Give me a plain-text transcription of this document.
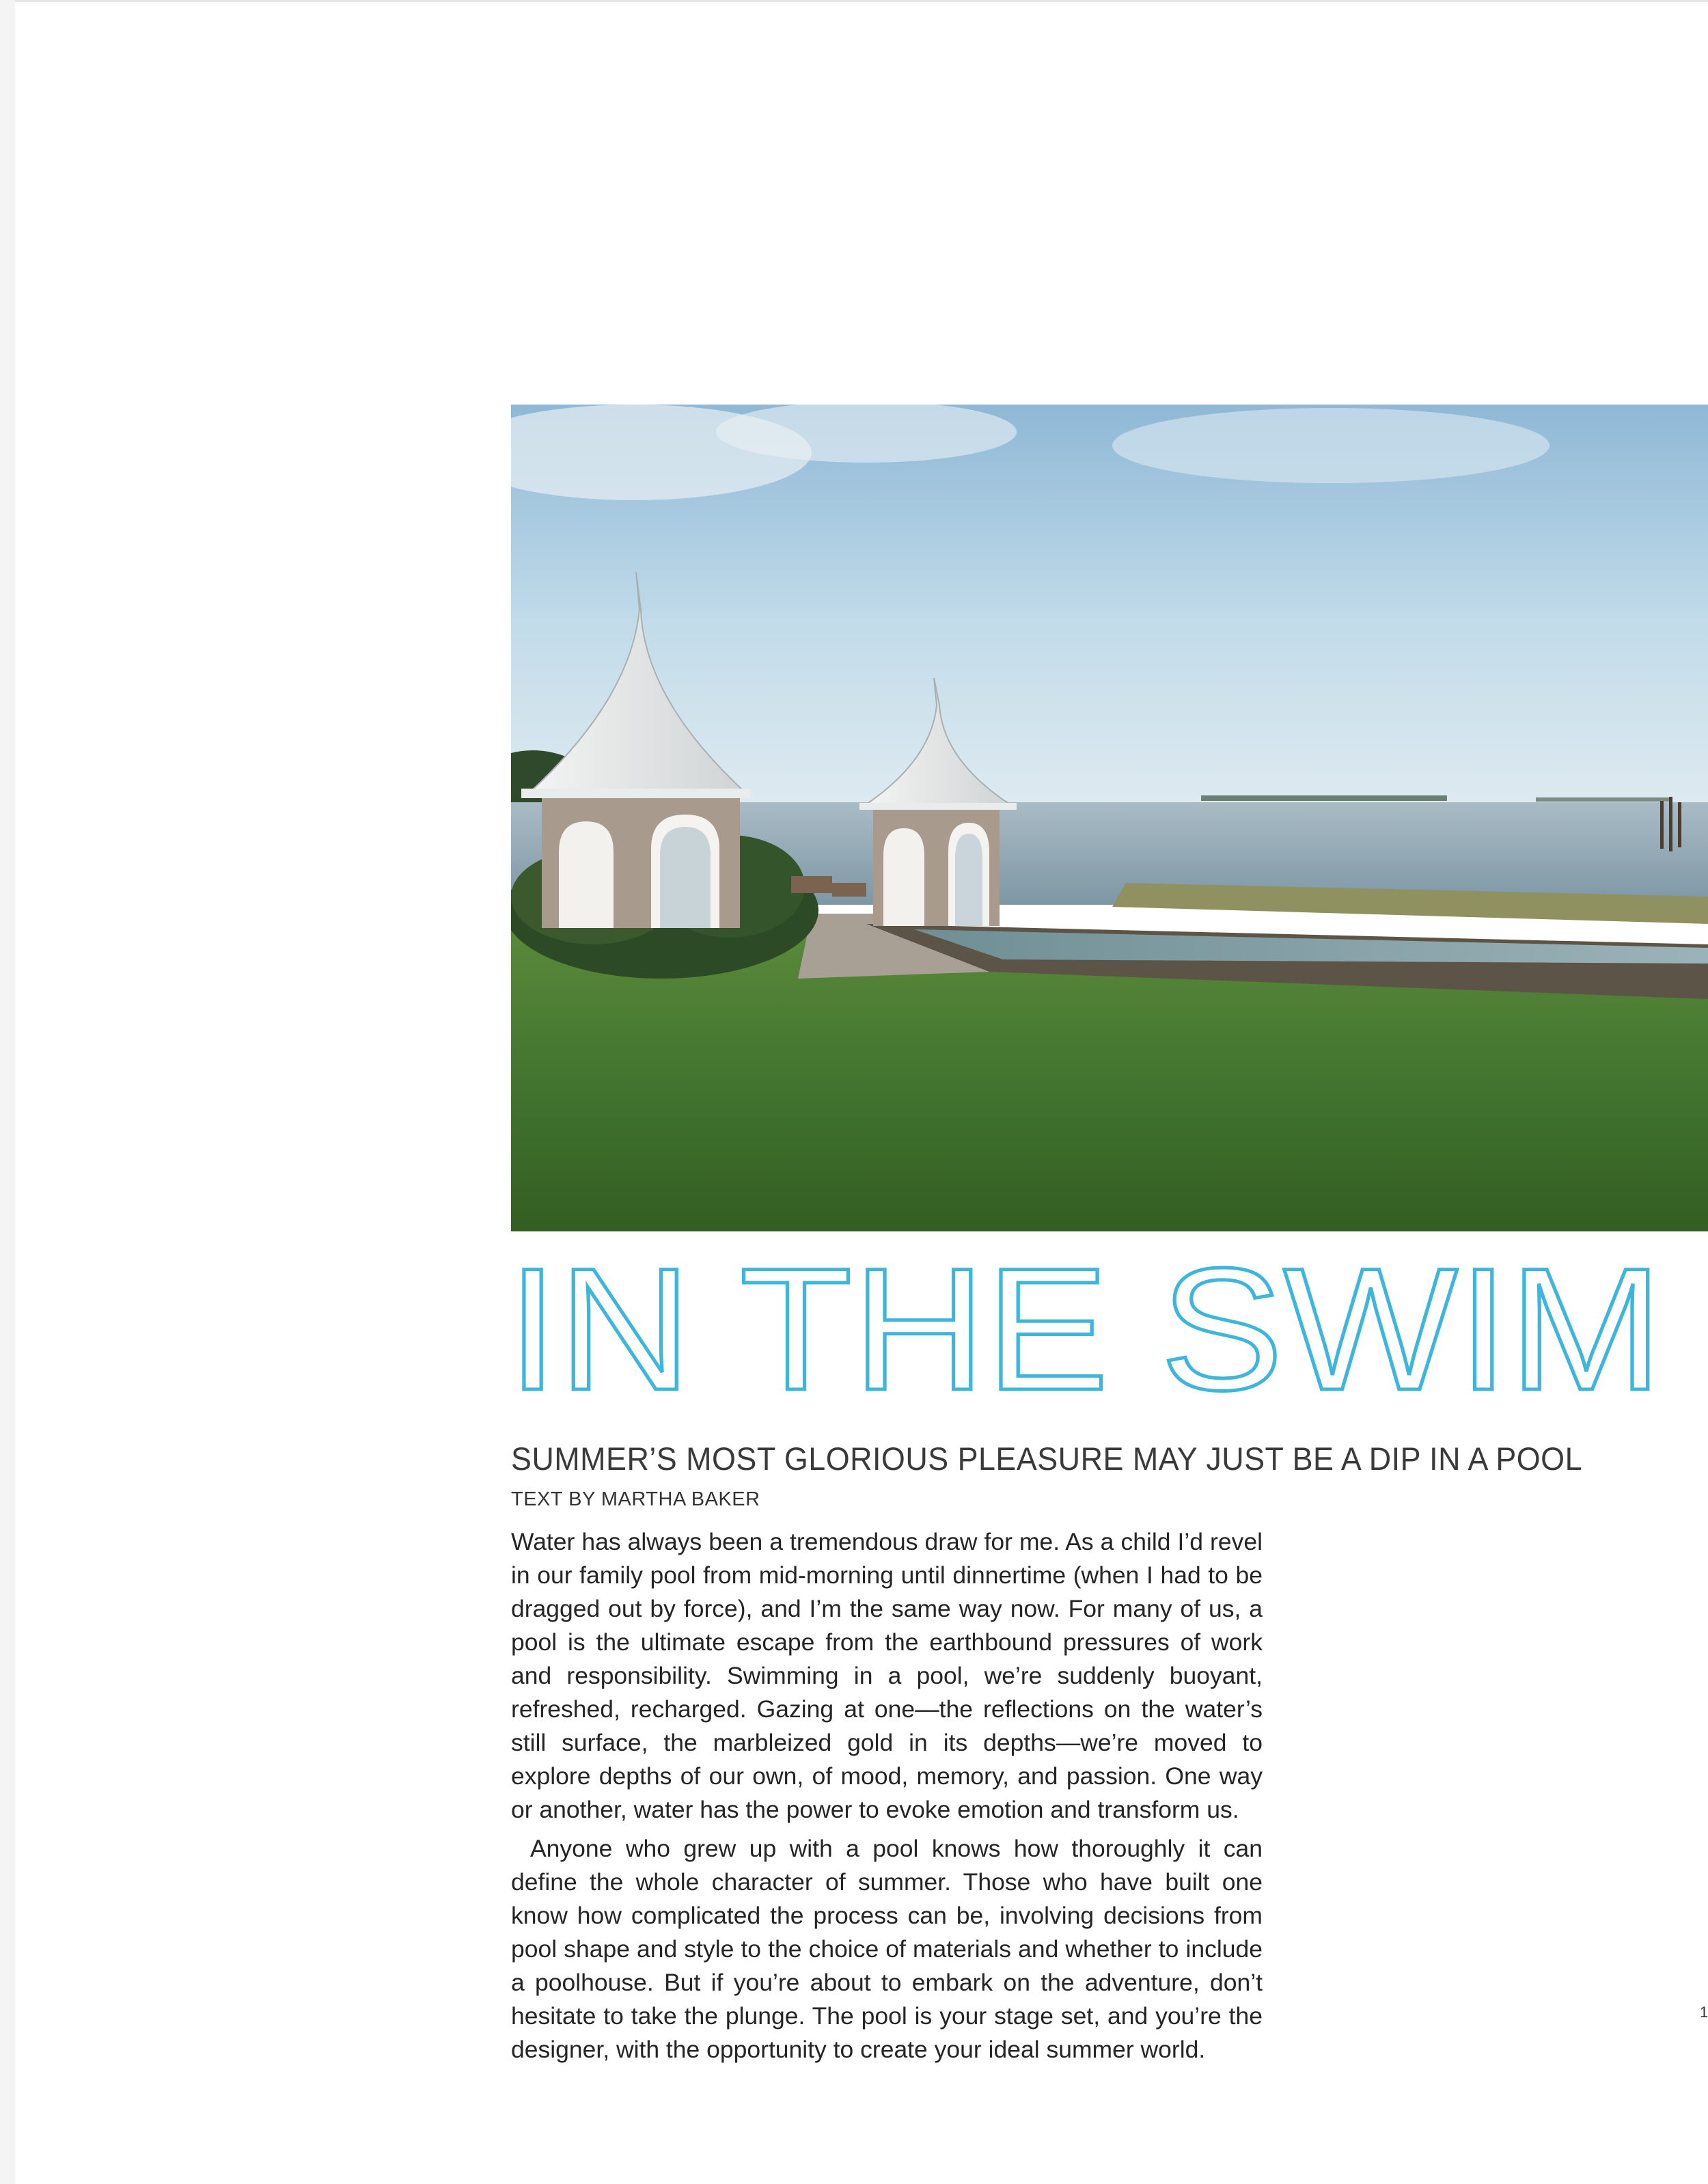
IN THE SWIM
SUMMER’S MOST GLORIOUS PLEASURE MAY JUST BE A DIP IN A POOL

TEXT BY MARTHA BAKER

Water has always been a tremendous draw for me. As a child I’d revel in our family pool from mid-morning until dinnertime (when I had to be dragged out by force), and I’m the same way now. For many of us, a pool is the ultimate escape from the earthbound pressures of work and responsibility. Swimming in a pool, we’re suddenly buoyant, refreshed, recharged. Gazing at one—the reflections on the water’s still surface, the marbleized gold in its depths—we’re moved to explore depths of our own, of mood, memory, and passion. One way or another, water has the power to evoke emotion and transform us.

Anyone who grew up with a pool knows how thoroughly it can define the whole character of summer. Those who have built one know how complicated the process can be, involving decisions from pool shape and style to the choice of materials and whether to include a poolhouse. But if you’re about to embark on the adventure, don’t hesitate to take the plunge. The pool is your stage set, and you’re the designer, with the opportunity to create your ideal summer world.

1
